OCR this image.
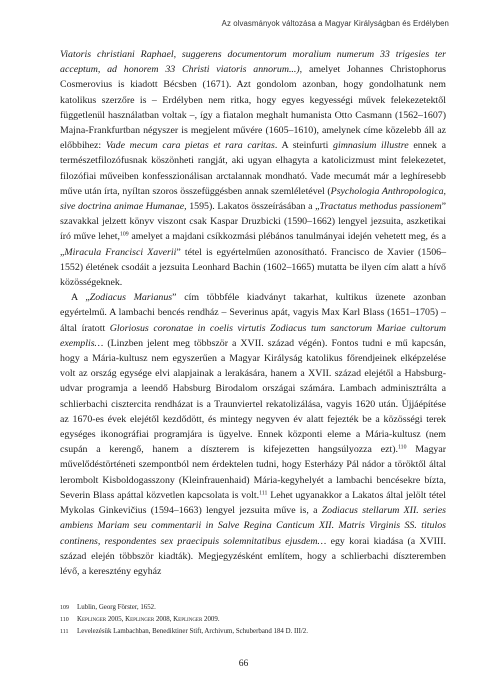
Az olvasmányok változása a Magyar Királyságban és Erdélyben

Viatoris christiani Raphael, suggerens documentorum moralium numerum 33 trigesies ter acceptum, ad honorem 33 Christi viatoris annorum...), amelyet Johannes Christophorus Cosmerovius is kiadott Bécsben (1671). Azt gondolom azonban, hogy gondolhatunk nem katolikus szerzőre is – Erdélyben nem ritka, hogy egyes kegyességi művek felekezetektől függetlenül használatban voltak –, így a fiatalon meghalt humanista Otto Casmann (1562–1607) Majna-Frankfurtban négyszer is megjelent művére (1605–1610), amelynek címe közelebb áll az előbbihez: Vade mecum cara pietas et rara caritas. A steinfurti gimnasium illustre ennek a természetfilozófusnak köszönheti rangját, aki ugyan elhagyta a katolicizmust mint felekezetet, filozófiai műveiben konfesszionálisan arctalannak mondható. Vade mecumát már a leghíresebb műve után írta, nyíltan szoros összefüggésben annak szemléletével (Psychologia Anthropologica, sive doctrina animae Humanae, 1595). Lakatos összeírásában a „Tractatus methodus passionem” szavakkal jelzett könyv viszont csak Kaspar Druzbicki (1590–1662) lengyel jezsuita, aszketikai író műve lehet,$^{109}$ amelyet a majdani csíkkozmási plébános tanulmányai idején vehetett meg, és a „Miracula Francisci Xaverii” tétel is egyértelműen azonosítható. Francisco de Xavier (1506–1552) életének csodáit a jezsuita Leonhard Bachin (1602–1665) mutatta be ilyen cím alatt a hívő közösségeknek.

A „Zodiacus Marianus” cím többféle kiadványt takarhat, kultikus üzenete azonban egyértelmű. A lambachi bencés rendház – Severinus apát, vagyis Max Karl Blass (1651–1705) – által íratott Gloriosus coronatae in coelis virtutis Zodiacus tum sanctorum Mariae cultorum exemplis… (Linzben jelent meg többször a XVII. század végén). Fontos tudni e mű kapcsán, hogy a Mária-kultusz nem egyszerűen a Magyar Királyság katolikus főrendjeinek elképzelése volt az ország egysége elvi alapjainak a lerakására, hanem a XVII. század elejétől a Habsburg-udvar programja a leendő Habsburg Birodalom országai számára. Lambach adminisztrálta a schlierbachi cisztercita rendházat is a Traunviertel rekatolizálása, vagyis 1620 után. Újjáépítése az 1670-es évek elejétől kezdődött, és mintegy negyven év alatt fejezték be a közösségi terek egységes ikonográfiai programjára is ügyelve. Ennek központi eleme a Mária-kultusz (nem csupán a kerengő, hanem a díszterem is kifejezetten hangsúlyozza ezt).$^{110}$ Magyar művelődéstörténeti szempontból nem érdektelen tudni, hogy Esterházy Pál nádor a töröktől által lerombolt Kisboldogasszony (Kleinfrauenhaid) Mária-kegyhelyét a lambachi bencésekre bízta, Severin Blass apáttal közvetlen kapcsolata is volt.$^{111}$ Lehet ugyanakkor a Lakatos által jelölt tétel Mykolas Ginkevičius (1594–1663) lengyel jezsuita műve is, a Zodiacus stellarum XII. series ambiens Mariam seu commentarii in Salve Regina Canticum XII. Matris Virginis SS. titulos continens, respondentes sex praecipuis solemnitatibus ejusdem… egy korai kiadása (a XVIII. század elején többször kiadták). Megjegyzésként említem, hogy a schlierbachi díszteremben lévő, a keresztény egyház

109	Lublin, Georg Förster, 1652.
110	Keplinger 2005, Keplinger 2008, Keplinger 2009.
111	Levelezésük Lambachban, Benediktiner Stift, Archivum, Schuberband 184 D. III/2.
66
